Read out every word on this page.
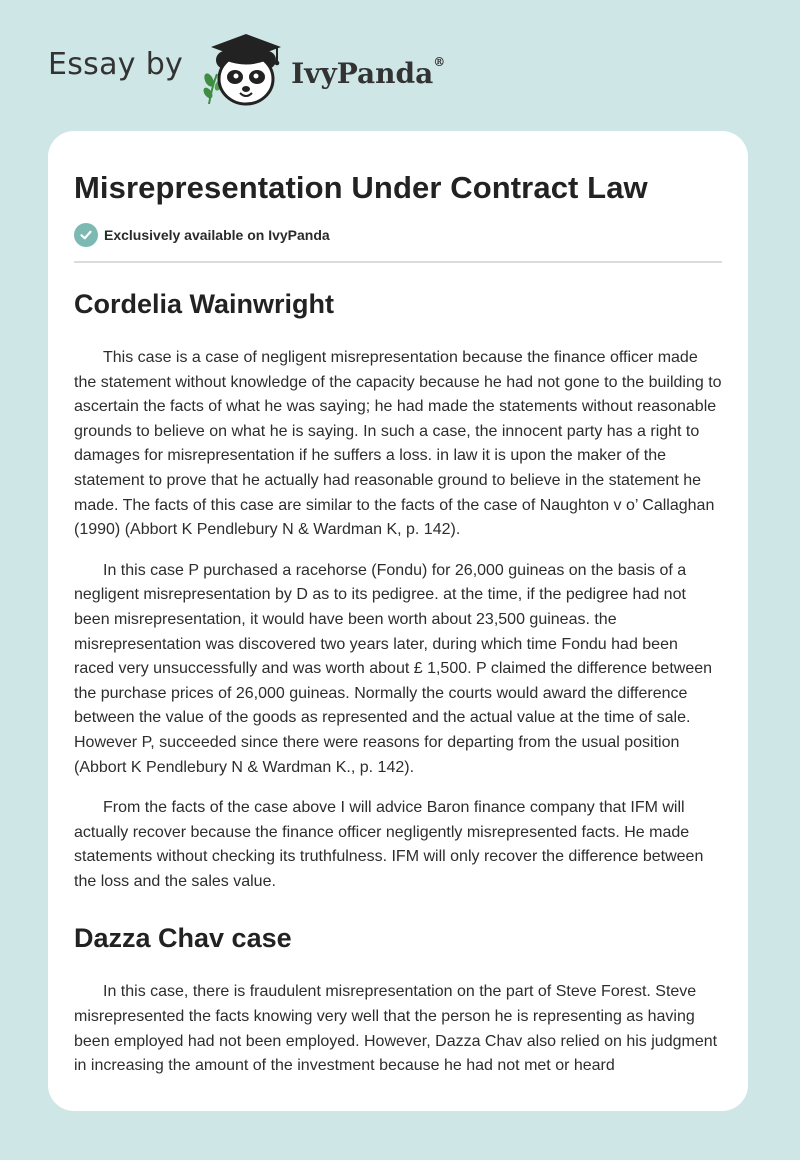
Essay by	IvyPanda®
Misrepresentation Under Contract Law
Exclusively available on IvyPanda
Cordelia Wainwright

This case is a case of negligent misrepresentation because the finance officer made the statement without knowledge of the capacity because he had not gone to the building to ascertain the facts of what he was saying; he had made the statements without reasonable grounds to believe on what he is saying. In such a case, the innocent party has a right to damages for misrepresentation if he suffers a loss. in law it is upon the maker of the statement to prove that he actually had reasonable ground to believe in the statement he made. The facts of this case are similar to the facts of the case of Naughton v o’ Callaghan (1990) (Abbort K Pendlebury N & Wardman K, p. 142).

In this case P purchased a racehorse (Fondu) for 26,000 guineas on the basis of a negligent misrepresentation by D as to its pedigree. at the time, if the pedigree had not been misrepresentation, it would have been worth about 23,500 guineas. the misrepresentation was discovered two years later, during which time Fondu had been raced very unsuccessfully and was worth about £ 1,500. P claimed the difference between the purchase prices of 26,000 guineas. Normally the courts would award the difference between the value of the goods as represented and the actual value at the time of sale. However P, succeeded since there were reasons for departing from the usual position (Abbort K Pendlebury N & Wardman K., p. 142).

From the facts of the case above I will advice Baron finance company that IFM will actually recover because the finance officer negligently misrepresented facts. He made statements without checking its truthfulness. IFM will only recover the difference between the loss and the sales value.

Dazza Chav case

In this case, there is fraudulent misrepresentation on the part of Steve Forest. Steve misrepresented the facts knowing very well that the person he is representing as having been employed had not been employed. However, Dazza Chav also relied on his judgment in increasing the amount of the investment because he had not met or heard
